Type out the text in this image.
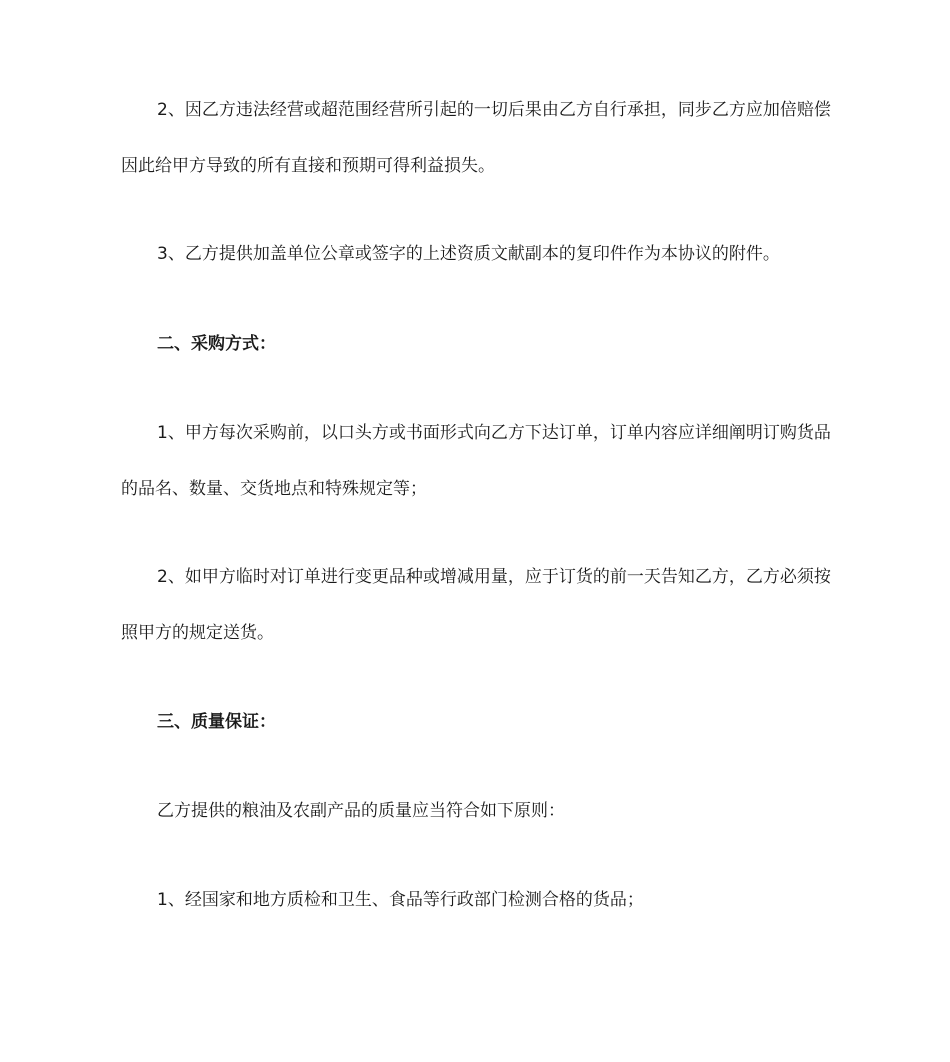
2、因乙方违法经营或超范围经营所引起的一切后果由乙方自行承担，同步乙方应加倍赔偿因此给甲方导致的所有直接和预期可得利益损失。

3、乙方提供加盖单位公章或签字的上述资质文献副本的复印件作为本协议的附件。

二、采购方式：

1、甲方每次采购前，以口头方或书面形式向乙方下达订单，订单内容应详细阐明订购货品的品名、数量、交货地点和特殊规定等；

2、如甲方临时对订单进行变更品种或增减用量，应于订货的前一天告知乙方，乙方必须按照甲方的规定送货。

三、质量保证：

乙方提供的粮油及农副产品的质量应当符合如下原则：

1、经国家和地方质检和卫生、食品等行政部门检测合格的货品；
